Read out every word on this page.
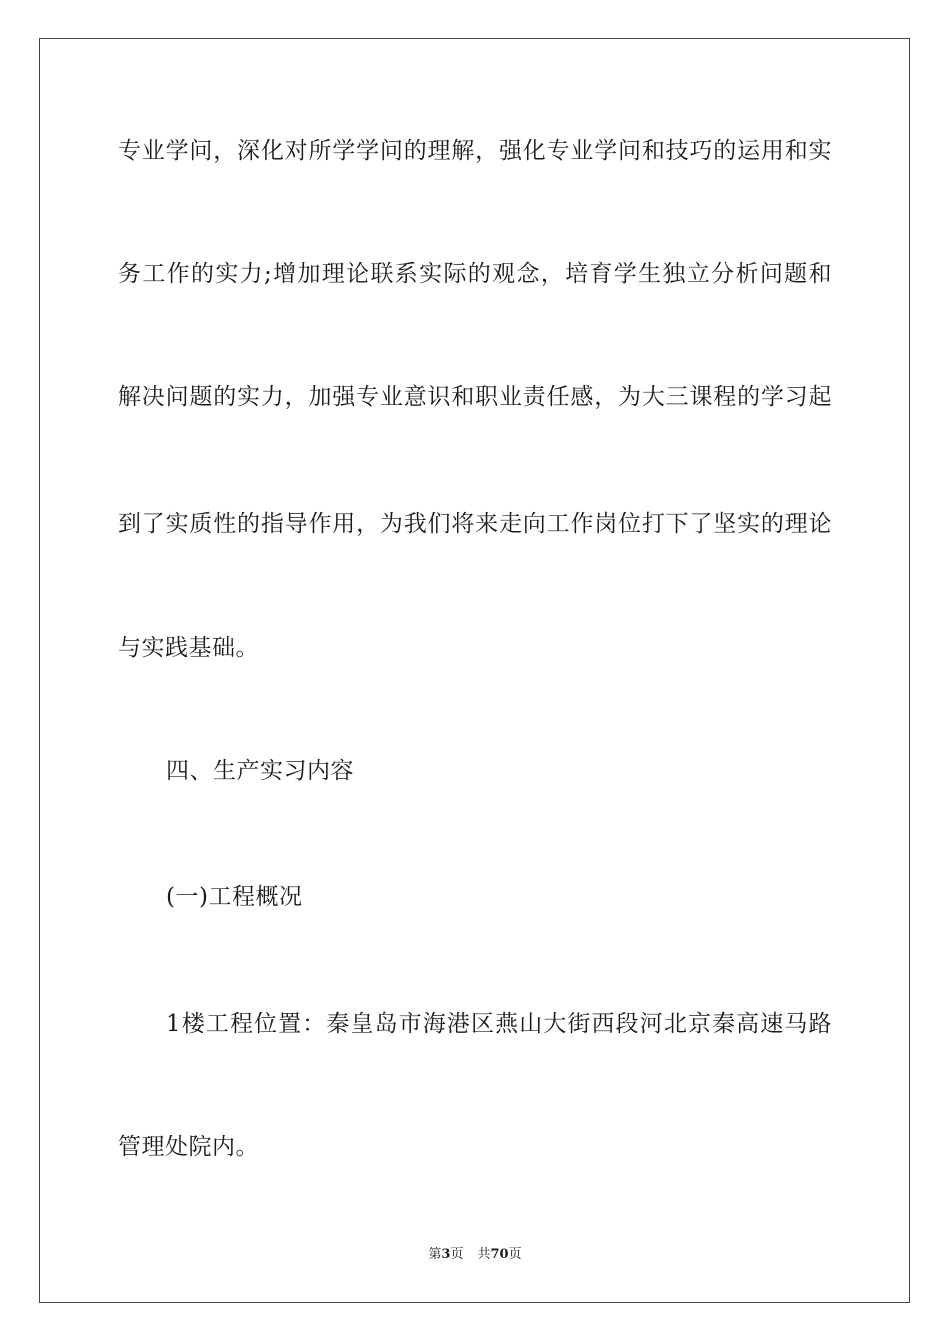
专业学问，深化对所学学问的理解，强化专业学问和技巧的运用和实
务工作的实力;增加理论联系实际的观念，培育学生独立分析问题和
解决问题的实力，加强专业意识和职业责任感，为大三课程的学习起
到了实质性的指导作用，为我们将来走向工作岗位打下了坚实的理论
与实践基础。
四、生产实习内容
(一)工程概况
1楼工程位置：秦皇岛市海港区燕山大街西段河北京秦高速马路
管理处院内。
第3页 共70页
